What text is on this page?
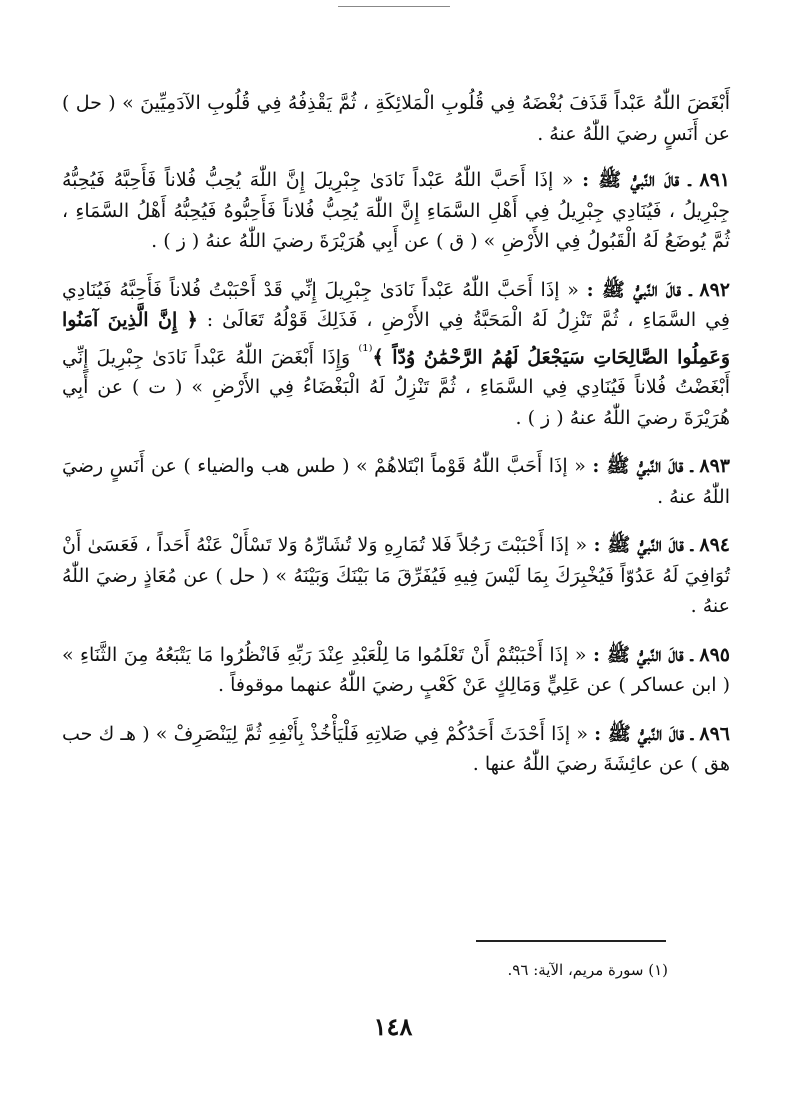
أَبْغَضَ اللّٰهُ عَبْداً قَذَفَ بُغْضَهُ فِي قُلُوبِ الْمَلائِكَةِ ، ثُمَّ يَقْذِفُهُ فِي قُلُوبِ الآدَمِيِّينَ » ( حل ) عن أَنَسٍ رضيَ اللّٰهُ عنهُ .

٨٩١ ـ قالَ النَّبيُّ ﷺ : « إذَا أَحَبَّ اللّٰهُ عَبْداً نَادَىٰ جِبْرِيلَ إِنَّ اللّٰهَ يُحِبُّ فُلاناً فَأَحِبَّهُ فَيُحِبُّهُ جِبْرِيلُ ، فَيُنَادِي جِبْرِيلُ فِي أَهْلِ السَّمَاءِ إِنَّ اللّٰهَ يُحِبُّ فُلاناً فَأَحِبُّوهُ فَيُحِبُّهُ أَهْلُ السَّمَاءِ ، ثُمَّ يُوضَعُ لَهُ الْقَبُولُ فِي الأَرْضِ » ( ق ) عن أَبِي هُرَيْرَةَ رضيَ اللّٰهُ عنهُ ( ز ) .

٨٩٢ ـ قالَ النَّبيُّ ﷺ : « إذَا أَحَبَّ اللّٰهُ عَبْداً نَادَىٰ جِبْرِيلَ إِنِّي قَدْ أَحْبَبْتُ فُلاناً فَأَحِبَّهُ فَيُنَادِي فِي السَّمَاءِ ، ثُمَّ تَنْزِلُ لَهُ الْمَحَبَّةُ فِي الأَرْضِ ، فَذَلِكَ قَوْلُهُ تَعَالَىٰ : ﴿ إِنَّ الَّذِينَ آمَنُوا وَعَمِلُوا الصَّالِحَاتِ سَيَجْعَلُ لَهُمُ الرَّحْمَٰنُ وُدّاً ﴾$^{^{(1)}}$ وَإِذَا أَبْغَضَ اللّٰهُ عَبْداً نَادَىٰ جِبْرِيلَ إِنِّي أَبْغَضْتُ فُلاناً فَيُنَادِي فِي السَّمَاءِ ، ثُمَّ تَنْزِلُ لَهُ الْبَغْضَاءُ فِي الأَرْضِ » ( ت ) عن أَبِي هُرَيْرَةَ رضيَ اللّٰهُ عنهُ ( ز ) .

٨٩٣ ـ قالَ النَّبيُّ ﷺ : « إذَا أَحَبَّ اللّٰهُ قَوْماً ابْتَلاهُمْ » ( طس هب والضياء ) عن أَنَسٍ رضيَ اللّٰهُ عنهُ .

٨٩٤ ـ قالَ النَّبيُّ ﷺ : « إذَا أَحْبَبْتَ رَجُلاً فَلا تُمَارِهِ وَلا تُشَارِّهُ وَلا تَسْأَلْ عَنْهُ أَحَداً ، فَعَسَىٰ أَنْ تُوَافِيَ لَهُ عَدُوّاً فَيُخْبِرَكَ بِمَا لَيْسَ فِيهِ فَيُفَرِّقَ مَا بَيْنَكَ وَبَيْنَهُ » ( حل ) عن مُعَاذٍ رضيَ اللّٰهُ عنهُ .

٨٩٥ ـ قالَ النَّبيُّ ﷺ : « إذَا أَحْبَبْتُمْ أَنْ تَعْلَمُوا مَا لِلْعَبْدِ عِنْدَ رَبِّهِ فَانْظُرُوا مَا يَتْبَعُهُ مِنَ الثَّنَاءِ » ( ابن عساكر ) عن عَلِيٍّ وَمَالِكٍ عَنْ كَعْبٍ رضيَ اللّٰهُ عنهما موقوفاً .

٨٩٦ ـ قالَ النَّبيُّ ﷺ : « إذَا أَحْدَثَ أَحَدُكُمْ فِي صَلاتِهِ فَلْيَأْخُذْ بِأَنْفِهِ ثُمَّ لِيَنْصَرِفْ » ( هـ ك حب هق ) عن عائِشَةَ رضيَ اللّٰهُ عنها .

(١) سورة مريم، الآية: ٩٦.
١٤٨
